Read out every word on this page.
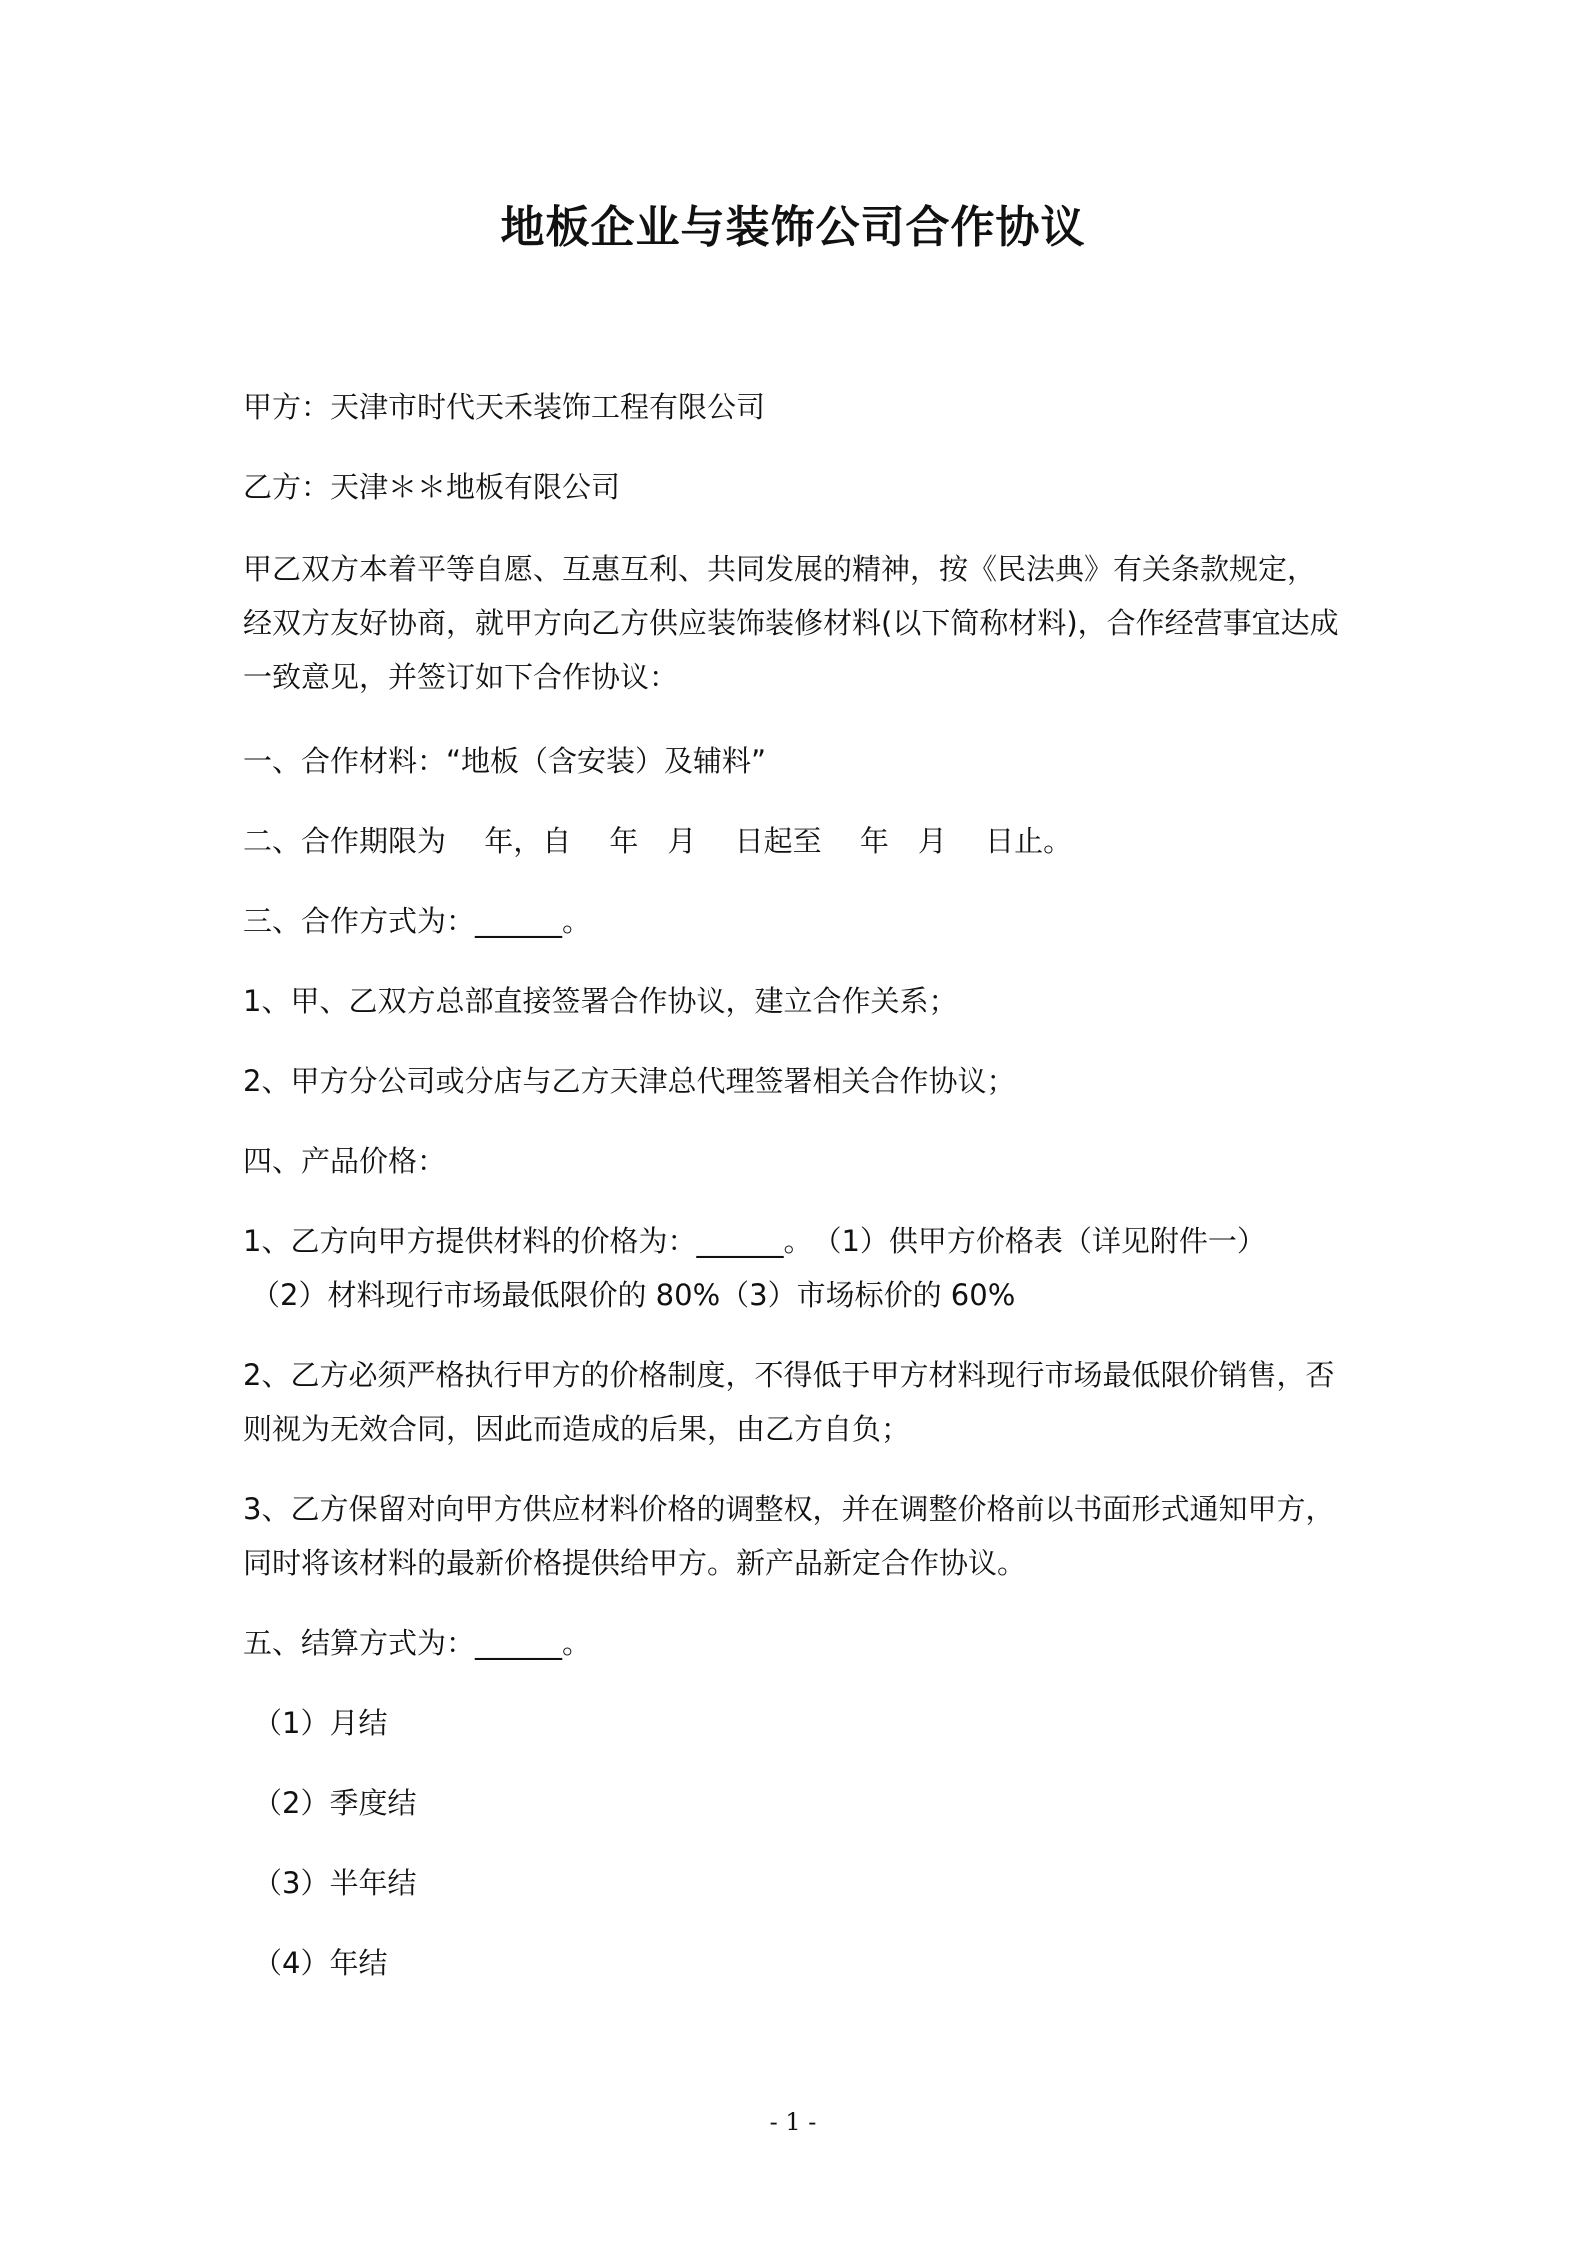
地板企业与装饰公司合作协议
甲方：天津市时代天禾装饰工程有限公司
乙方：天津＊＊地板有限公司
甲乙双方本着平等自愿、互惠互利、共同发展的精神，按《民法典》有关条款规定，
经双方友好协商，就甲方向乙方供应装饰装修材料(以下简称材料)，合作经营事宜达成
一致意见，并签订如下合作协议：
一、合作材料：“地板（含安装）及辅料”
二、合作期限为　 年，自　 年　月　 日起至　 年　月　 日止。
三、合作方式为：______。
1、甲、乙双方总部直接签署合作协议，建立合作关系；
2、甲方分公司或分店与乙方天津总代理签署相关合作协议；
四、产品价格：
1、乙方向甲方提供材料的价格为：______。　（1）供甲方价格表（详见附件一）
（2）材料现行市场最低限价的 80%（3）市场标价的 60%
2、乙方必须严格执行甲方的价格制度，不得低于甲方材料现行市场最低限价销售，否
则视为无效合同，因此而造成的后果，由乙方自负；
3、乙方保留对向甲方供应材料价格的调整权，并在调整价格前以书面形式通知甲方，
同时将该材料的最新价格提供给甲方。新产品新定合作协议。
五、结算方式为：______。
（1）月结
（2）季度结
（3）半年结
（4）年结
- 1 -
